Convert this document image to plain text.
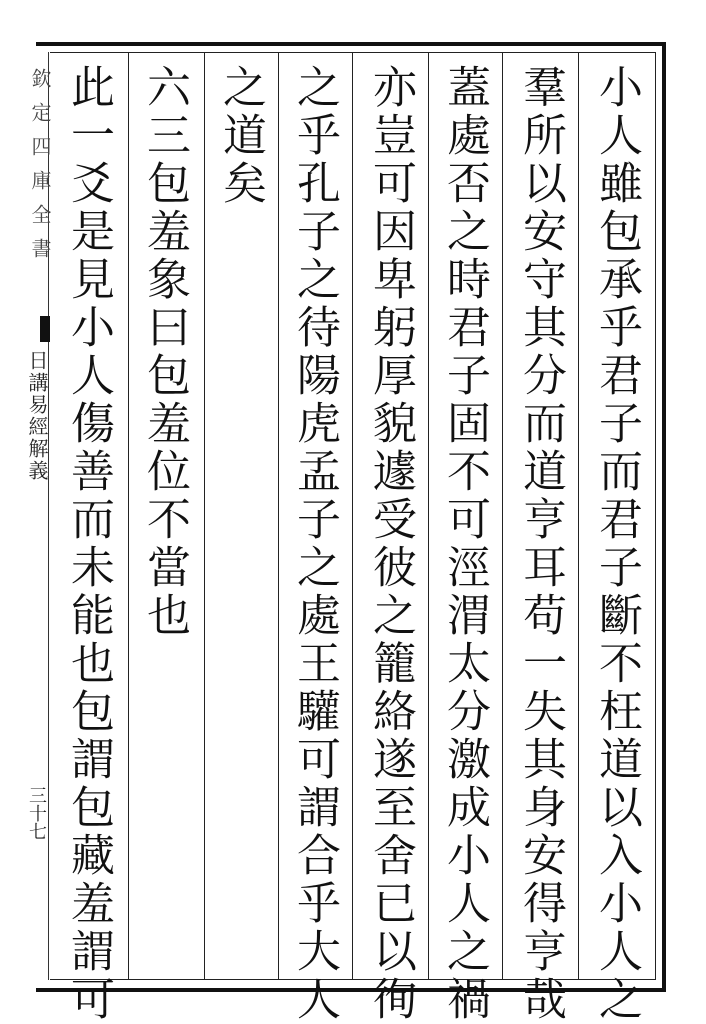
欽定四庫全書
日講易經解義
三十七	小人雖包承乎君子而君子斷不枉道以入小人之
羣所以安守其分而道亨耳苟一失其身安得亨哉
蓋處否之時君子固不可涇渭太分激成小人之禍
亦豈可因卑躬厚貌遽受彼之籠絡遂至舍已以徇
之乎孔子之待陽虎孟子之處王驩可謂合乎大人
之道矣
六三包羞象曰包羞位不當也
此一爻是見小人傷善而未能也包謂包藏羞謂可
